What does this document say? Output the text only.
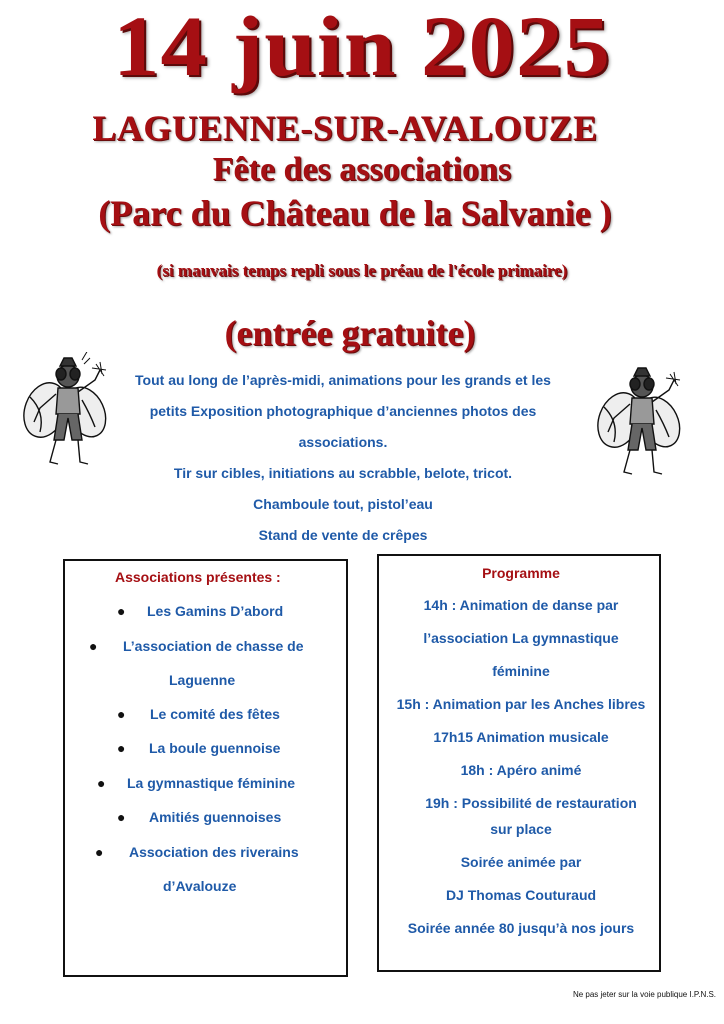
14 juin 2025
LAGUENNE-SUR-AVALOUZE
Fête des associations
(Parc du Château de la Salvanie )
(si mauvais temps repli sous le préau de l'école primaire)
(entrée gratuite)

Tout au long de l’après-midi, animations pour les grands et les

petits Exposition photographique d’anciennes photos des

associations.

Tir sur cibles, initiations au scrabble, belote, tricot.

Chamboule tout, pistol’eau

Stand de vente de crêpes

Associations présentes :
● Les Gamins D’abord
● L’association de chasse de
Laguenne
● Le comité des fêtes
● La boule guennoise
● La gymnastique féminine
● Amitiés guennoises
● Association des riverains
d’Avalouze
Programme
14h : Animation de danse par
l’association La gymnastique
féminine
15h : Animation par les Anches libres
17h15 Animation musicale
18h : Apéro animé
19h : Possibilité de restauration
sur place
Soirée animée par
DJ Thomas Couturaud
Soirée année 80 jusqu’à nos jours
Ne pas jeter sur la voie publique I.P.N.S.
